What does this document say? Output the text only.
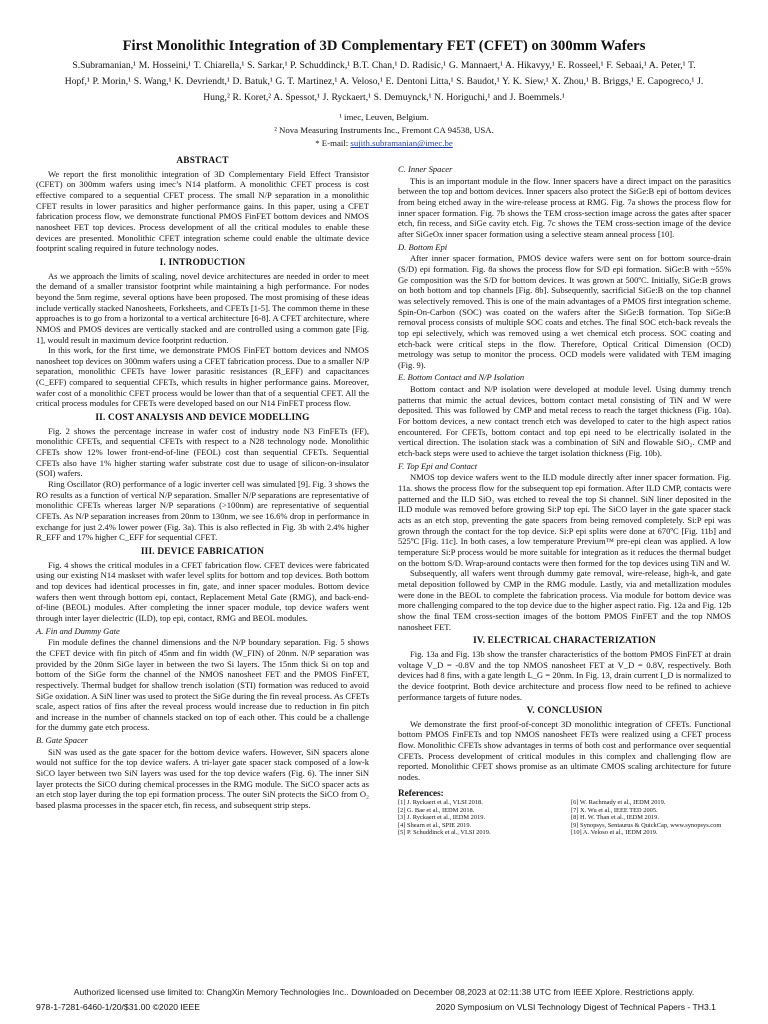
First Monolithic Integration of 3D Complementary FET (CFET) on 300mm Wafers
S.Subramanian,¹ M. Hosseini,¹ T. Chiarella,¹ S. Sarkar,¹ P. Schuddinck,¹ B.T. Chan,¹ D. Radisic,¹ G. Mannaert,¹ A. Hikavyy,¹ E. Rosseel,¹ F. Sebaai,¹ A. Peter,¹ T. Hopf,¹ P. Morin,¹ S. Wang,¹ K. Devriendt,¹ D. Batuk,¹ G. T. Martinez,¹ A. Veloso,¹ E. Dentoni Litta,¹ S. Baudot,¹ Y. K. Siew,¹ X. Zhou,¹ B. Briggs,¹ E. Capogreco,¹ J. Hung,² R. Koret,² A. Spessot,¹ J. Ryckaert,¹ S. Demuynck,¹ N. Horiguchi,¹ and J. Boemmels.¹
¹ imec, Leuven, Belgium.
² Nova Measuring Instruments Inc., Fremont CA 94538, USA.
* E-mail: sujith.subramanian@imec.be
ABSTRACT

We report the first monolithic integration of 3D Complementary Field Effect Transistor (CFET) on 300mm wafers using imec’s N14 platform. A monolithic CFET process is cost effective compared to a sequential CFET process. The small N/P separation in a monolithic CFET results in lower parasitics and higher performance gains. In this paper, using a CFET fabrication process flow, we demonstrate functional PMOS FinFET bottom devices and NMOS nanosheet FET top devices. Process development of all the critical modules to enable these devices are presented. Monolithic CFET integration scheme could enable the ultimate device footprint scaling required in future technology nodes.

I. INTRODUCTION

As we approach the limits of scaling, novel device architectures are needed in order to meet the demand of a smaller transistor footprint while maintaining a high performance. For nodes beyond the 5nm regime, several options have been proposed. The most promising of these ideas include vertically stacked Nanosheets, Forksheets, and CFETs [1-5]. The common theme in these approaches is to go from a horizontal to a vertical architecture [6-8]. A CFET architecture, where NMOS and PMOS devices are vertically stacked and are controlled using a common gate [Fig. 1], would result in maximum device footprint reduction.

In this work, for the first time, we demonstrate PMOS FinFET bottom devices and NMOS nanosheet top devices on 300mm wafers using a CFET fabrication process. Due to a smaller N/P separation, monolithic CFETs have lower parasitic resistances (R_EFF) and capacitances (C_EFF) compared to sequential CFETs, which results in higher performance gains. Moreover, wafer cost of a monolithic CFET process would be lower than that of a sequential CFET. All the critical process modules for CFETs were developed based on our N14 FinFET process flow.

II. COST ANALYSIS AND DEVICE MODELLING

Fig. 2 shows the percentage increase in wafer cost of industry node N3 FinFETs (FF), monolithic CFETs, and sequential CFETs with respect to a N28 technology node. Monolithic CFETs show 12% lower front-end-of-line (FEOL) cost than sequential CFETs. Sequential CFETs also have 1% higher starting wafer substrate cost due to usage of silicon-on-insulator (SOI) wafers.

Ring Oscillator (RO) performance of a logic inverter cell was simulated [9]. Fig. 3 shows the RO results as a function of vertical N/P separation. Smaller N/P separations are representative of monolithic CFETs whereas larger N/P separations (>100nm) are representative of sequential CFETs. As N/P separation increases from 20nm to 130nm, we see 16.6% drop in performance in exchange for just 2.4% lower power (Fig. 3a). This is also reflected in Fig. 3b with 2.4% higher R_EFF and 17% higher C_EFF for sequential CFET.

III. DEVICE FABRICATION

Fig. 4 shows the critical modules in a CFET fabrication flow. CFET devices were fabricated using our existing N14 maskset with wafer level splits for bottom and top devices. Both bottom and top devices had identical processes in fin, gate, and inner spacer modules. Bottom device wafers then went through bottom epi, contact, Replacement Metal Gate (RMG), and back-end-of-line (BEOL) modules. After completing the inner spacer module, top device wafers went through inter layer dielectric (ILD), top epi, contact, RMG and BEOL modules.

A. Fin and Dummy Gate

Fin module defines the channel dimensions and the N/P boundary separation. Fig. 5 shows the CFET device with fin pitch of 45nm and fin width (W_FIN) of 20nm. N/P separation was provided by the 20nm SiGe layer in between the two Si layers. The 15nm thick Si on top and bottom of the SiGe form the channel of the NMOS nanosheet FET and the PMOS FinFET, respectively. Thermal budget for shallow trench isolation (STI) formation was reduced to avoid SiGe oxidation. A SiN liner was used to protect the SiGe during the fin reveal process. As CFETs scale, aspect ratios of fins after the reveal process would increase due to reduction in fin pitch and increase in the number of channels stacked on top of each other. This could be a challenge for the dummy gate etch process.

B. Gate Spacer

SiN was used as the gate spacer for the bottom device wafers. However, SiN spacers alone would not suffice for the top device wafers. A tri-layer gate spacer stack composed of a low-k SiCO layer between two SiN layers was used for the top device wafers (Fig. 6). The inner SiN layer protects the SiCO during chemical processes in the RMG module. The SiCO spacer acts as an etch stop layer during the top epi formation process. The outer SiN protects the SiCO from O₂ based plasma processes in the spacer etch, fin recess, and subsequent strip steps.

C. Inner Spacer

This is an important module in the flow. Inner spacers have a direct impact on the parasitics between the top and bottom devices. Inner spacers also protect the SiGe:B epi of bottom devices from being etched away in the wire-release process at RMG. Fig. 7a shows the process flow for inner spacer formation. Fig. 7b shows the TEM cross-section image across the gates after spacer etch, fin recess, and SiGe cavity etch. Fig. 7c shows the TEM cross-section image of the device after SiGeOx inner spacer formation using a selective steam anneal process [10].

D. Bottom Epi

After inner spacer formation, PMOS device wafers were sent on for bottom source-drain (S/D) epi formation. Fig. 8a shows the process flow for S/D epi formation. SiGe:B with ~55% Ge composition was the S/D for bottom devices. It was grown at 500ºC. Initially, SiGe:B grows on both bottom and top channels [Fig. 8b]. Subsequently, sacrificial SiGe:B on the top channel was selectively removed. This is one of the main advantages of a PMOS first integration scheme. Spin-On-Carbon (SOC) was coated on the wafers after the SiGe:B formation. Top SiGe:B removal process consists of multiple SOC coats and etches. The final SOC etch-back reveals the top epi selectively, which was removed using a wet chemical etch process. SOC coating and etch-back were critical steps in the flow. Therefore, Optical Critical Dimension (OCD) metrology was setup to monitor the process. OCD models were validated with TEM imaging (Fig. 9).

E. Bottom Contact and N/P Isolation

Bottom contact and N/P isolation were developed at module level. Using dummy trench patterns that mimic the actual devices, bottom contact metal consisting of TiN and W were deposited. This was followed by CMP and metal recess to reach the target thickness (Fig. 10a). For bottom devices, a new contact trench etch was developed to cater to the high aspect ratios encountered. For CFETs, bottom contact and top epi need to be electrically isolated in the vertical direction. The isolation stack was a combination of SiN and flowable SiO₂. CMP and etch-back steps were used to achieve the target isolation thickness (Fig. 10b).

F. Top Epi and Contact

NMOS top device wafers went to the ILD module directly after inner spacer formation. Fig. 11a. shows the process flow for the subsequent top epi formation. After ILD CMP, contacts were patterned and the ILD SiO₂ was etched to reveal the top Si channel. SiN liner deposited in the ILD module was removed before growing Si:P top epi. The SiCO layer in the gate spacer stack acts as an etch stop, preventing the gate spacers from being removed completely. Si:P epi was grown through the contact for the top device. Si:P epi splits were done at 670ºC [Fig. 11b] and 525ºC [Fig. 11c]. In both cases, a low temperature Previum™ pre-epi clean was applied. A low temperature Si:P process would be more suitable for integration as it reduces the thermal budget on the bottom S/D. Wrap-around contacts were then formed for the top devices using TiN and W.

Subsequently, all wafers went through dummy gate removal, wire-release, high-k, and gate metal deposition followed by CMP in the RMG module. Lastly, via and metallization modules were done in the BEOL to complete the fabrication process. Via module for bottom device was more challenging compared to the top device due to the higher aspect ratio. Fig. 12a and Fig. 12b show the final TEM cross-section images of the bottom PMOS FinFET and the top NMOS nanosheet FET.

IV. ELECTRICAL CHARACTERIZATION

Fig. 13a and Fig. 13b show the transfer characteristics of the bottom PMOS FinFET at drain voltage V_D = -0.8V and the top NMOS nanosheet FET at V_D = 0.8V, respectively. Both devices had 8 fins, with a gate length L_G = 20nm. In Fig. 13, drain current I_D is normalized to the device footprint. Both device architecture and process flow need to be refined to achieve performance targets of future nodes.

V. CONCLUSION

We demonstrate the first proof-of-concept 3D monolithic integration of CFETs. Functional bottom PMOS FinFETs and top NMOS nanosheet FETs were realized using a CFET process flow. Monolithic CFETs show advantages in terms of both cost and performance over sequential CFETs. Process development of critical modules in this complex and challenging flow are reported. Monolithic CFET shows promise as an ultimate CMOS scaling architecture for future nodes.

References:
[1] J. Ryckaert et al., VLSI 2018.
[2] G. Bae et al., IEDM 2018.
[3] J. Ryckaert et al., IEDM 2019.
[4] Shearn et al., SPIE 2019.
[5] P. Schuddinck et al., VLSI 2019.
[6] W. Rachmady et al., IEDM 2019.
[7] X. Wu et al., IEEE TED 2005.
[8] H. W. Than et al., IEDM 2019.
[9] Synopsys, Sentaurus & QuickCap, www.synopsys.com
[10] A. Veloso et al., IEDM 2019.
Authorized licensed use limited to: ChangXin Memory Technologies Inc.. Downloaded on December 08,2023 at 02:11:38 UTC from IEEE Xplore. Restrictions apply.
978-1-7281-6460-1/20/$31.00 ©2020 IEEE	2020 Symposium on VLSI Technology Digest of Technical Papers - TH3.1
